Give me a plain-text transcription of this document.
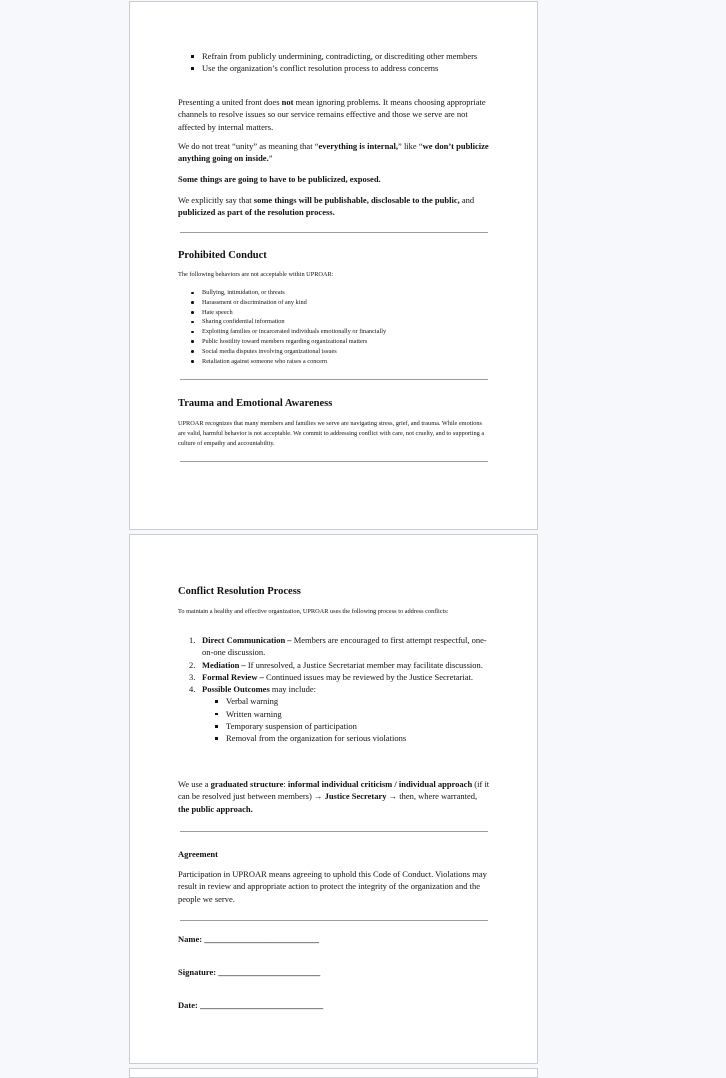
Refrain from publicly undermining, contradicting, or discrediting other members
Use the organization’s conflict resolution process to address concerns

Presenting a united front does not mean ignoring problems. It means choosing appropriate channels to resolve issues so our service remains effective and those we serve are not affected by internal matters.

We do not treat “unity” as meaning that “everything is internal,” like “we don’t publicize anything going on inside.”

Some things are going to have to be publicized, exposed.

We explicitly say that some things will be publishable, disclosable to the public, and publicized as part of the resolution process.

Prohibited Conduct

The following behaviors are not acceptable within UPROAR:

Bullying, intimidation, or threats
Harassment or discrimination of any kind
Hate speech
Sharing confidential information
Exploiting families or incarcerated individuals emotionally or financially
Public hostility toward members regarding organizational matters
Social media disputes involving organizational issues
Retaliation against someone who raises a concern
Trauma and Emotional Awareness

UPROAR recognizes that many members and families we serve are navigating stress, grief, and trauma. While emotions are valid, harmful behavior is not acceptable. We commit to addressing conflict with care, not cruelty, and to supporting a culture of empathy and accountability.

Conflict Resolution Process

To maintain a healthy and effective organization, UPROAR uses the following process to address conflicts:

1. Direct Communication – Members are encouraged to first attempt respectful, one-on-one discussion.
2. Mediation – If unresolved, a Justice Secretariat member may facilitate discussion.
3. Formal Review – Continued issues may be reviewed by the Justice Secretariat.
4. Possible Outcomes may include:
Verbal warning
Written warning
Temporary suspension of participation
Removal from the organization for serious violations

We use a graduated structure: informal individual criticism / individual approach (if it can be resolved just between members) → Justice Secretary → then, where warranted, the public approach.

Agreement

Participation in UPROAR means agreeing to uphold this Code of Conduct. Violations may result in review and appropriate action to protect the integrity of the organization and the people we serve.

Name: ___________________________

Signature: ________________________

Date: _____________________________
